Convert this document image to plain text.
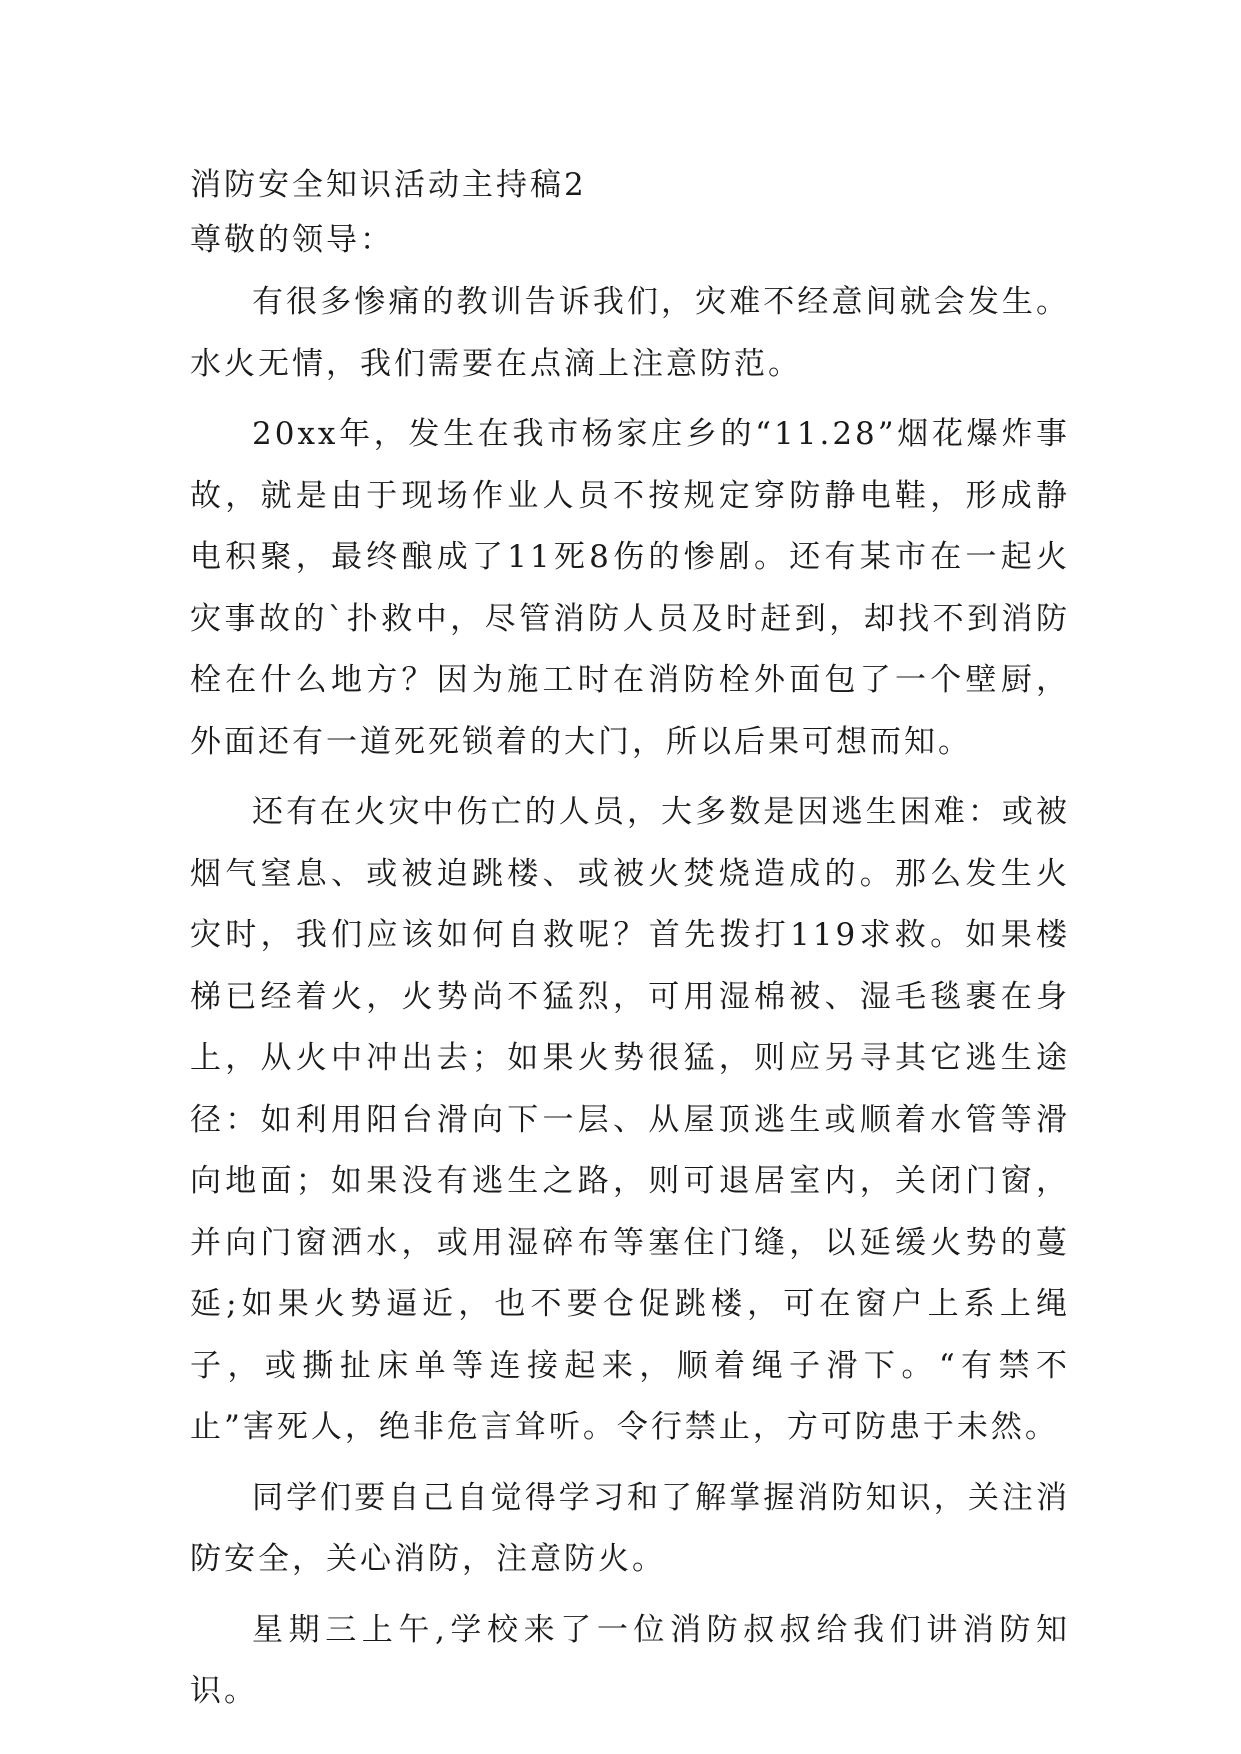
消防安全知识活动主持稿2

尊敬的领导：

有很多惨痛的教训告诉我们，灾难不经意间就会发生。水火无情，我们需要在点滴上注意防范。

20xx年，发生在我市杨家庄乡的“11.28”烟花爆炸事故，就是由于现场作业人员不按规定穿防静电鞋，形成静电积聚，最终酿成了11死8伤的惨剧。还有某市在一起火灾事故的`扑救中，尽管消防人员及时赶到，却找不到消防栓在什么地方？因为施工时在消防栓外面包了一个壁厨，外面还有一道死死锁着的大门，所以后果可想而知。

还有在火灾中伤亡的人员，大多数是因逃生困难：或被烟气窒息、或被迫跳楼、或被火焚烧造成的。那么发生火灾时，我们应该如何自救呢？首先拨打119求救。如果楼梯已经着火，火势尚不猛烈，可用湿棉被、湿毛毯裹在身上，从火中冲出去；如果火势很猛，则应另寻其它逃生途径：如利用阳台滑向下一层、从屋顶逃生或顺着水管等滑向地面；如果没有逃生之路，则可退居室内，关闭门窗，并向门窗洒水，或用湿碎布等塞住门缝，以延缓火势的蔓延;如果火势逼近，也不要仓促跳楼，可在窗户上系上绳子，或撕扯床单等连接起来，顺着绳子滑下。“有禁不止”害死人，绝非危言耸听。令行禁止，方可防患于未然。

同学们要自己自觉得学习和了解掌握消防知识，关注消防安全，关心消防，注意防火。

星期三上午,学校来了一位消防叔叔给我们讲消防知识。
